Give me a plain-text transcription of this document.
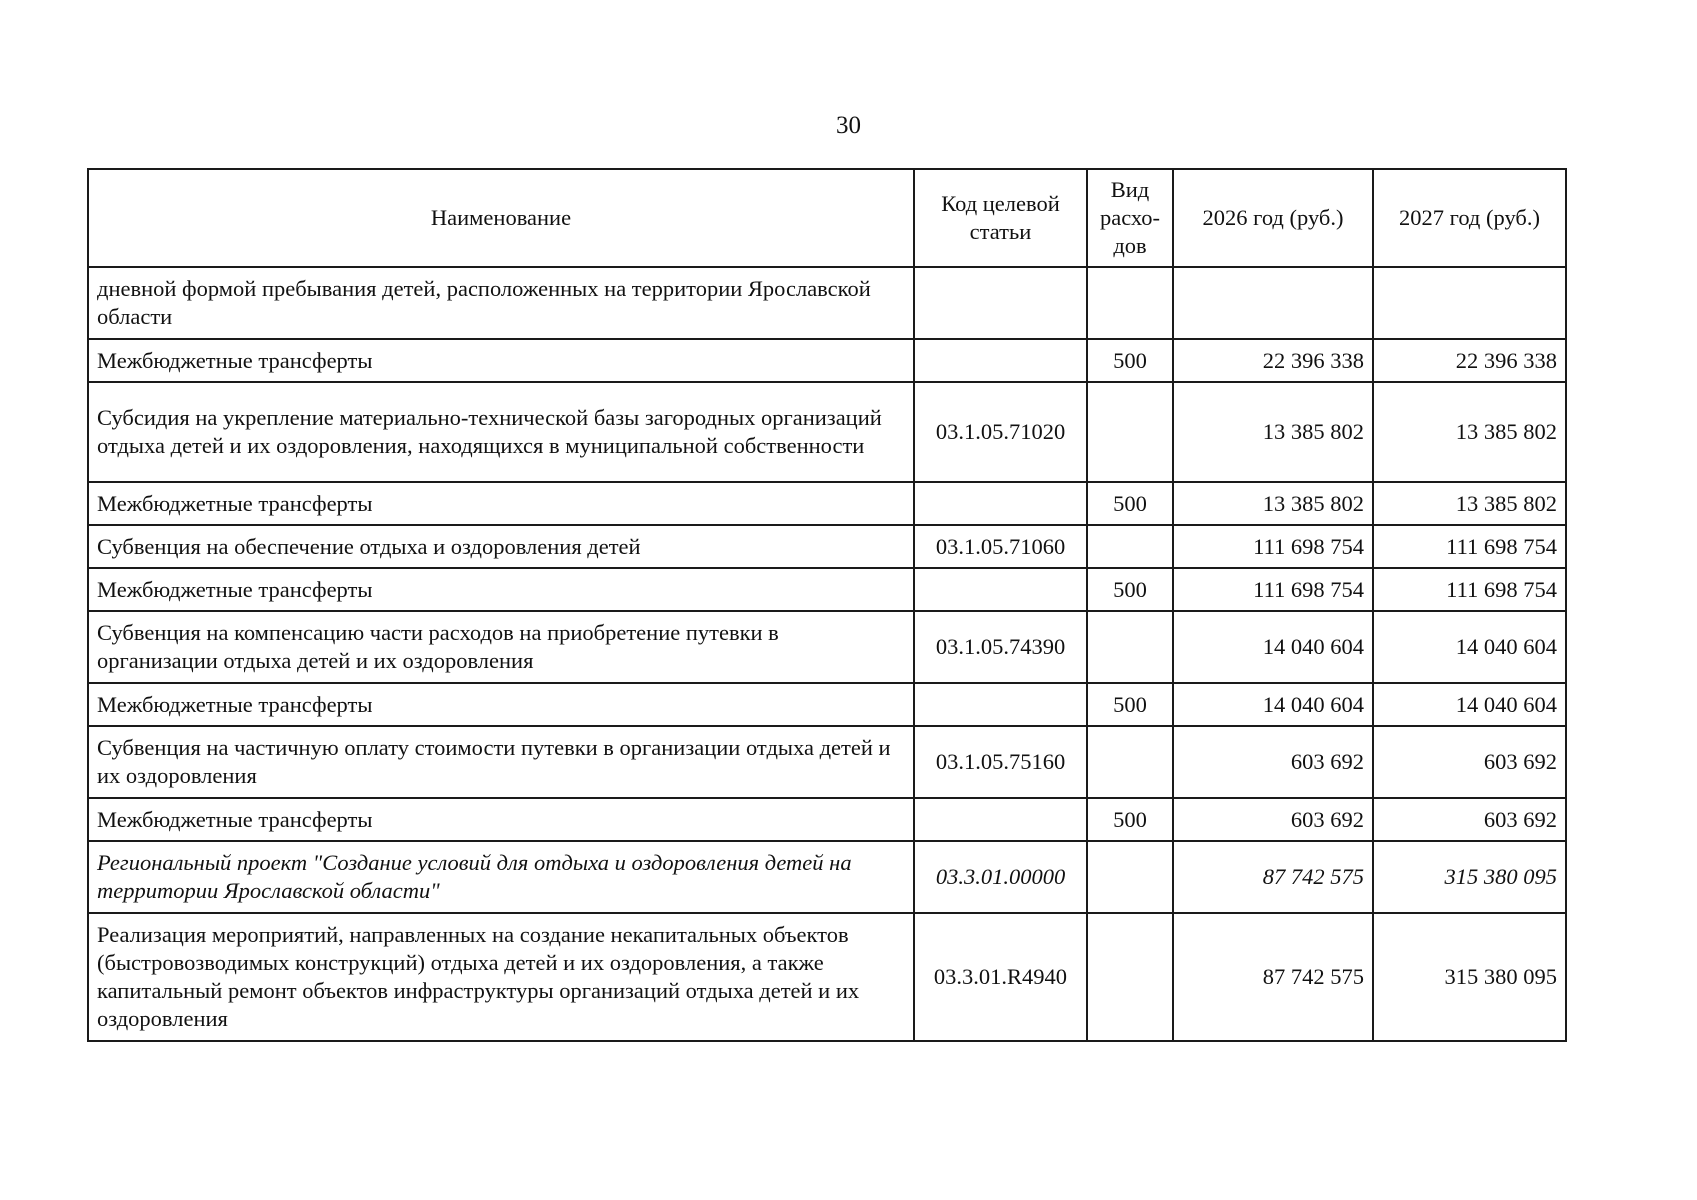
30
Наименование	Код целевой статьи	Вид расхо-дов	2026 год (руб.)	2027 год (руб.)
дневной формой пребывания детей, расположенных на территории Ярославской области				
Межбюджетные трансферты		500	22 396 338	22 396 338
Субсидия на укрепление материально-технической базы загородных организаций отдыха детей и их оздоровления, находящихся в муниципальной собственности	03.1.05.71020		13 385 802	13 385 802
Межбюджетные трансферты		500	13 385 802	13 385 802
Субвенция на обеспечение отдыха и оздоровления детей	03.1.05.71060		111 698 754	111 698 754
Межбюджетные трансферты		500	111 698 754	111 698 754
Субвенция на компенсацию части расходов на приобретение путевки в организации отдыха детей и их оздоровления	03.1.05.74390		14 040 604	14 040 604
Межбюджетные трансферты		500	14 040 604	14 040 604
Субвенция на частичную оплату стоимости путевки в организации отдыха детей и их оздоровления	03.1.05.75160		603 692	603 692
Межбюджетные трансферты		500	603 692	603 692
Региональный проект "Создание условий для отдыха и оздоровления детей на территории Ярославской области"	03.3.01.00000		87 742 575	315 380 095
Реализация мероприятий, направленных на создание некапитальных объектов (быстровозводимых конструкций) отдыха детей и их оздоровления, а также капитальный ремонт объектов инфраструктуры организаций отдыха детей и их оздоровления	03.3.01.R4940		87 742 575	315 380 095
